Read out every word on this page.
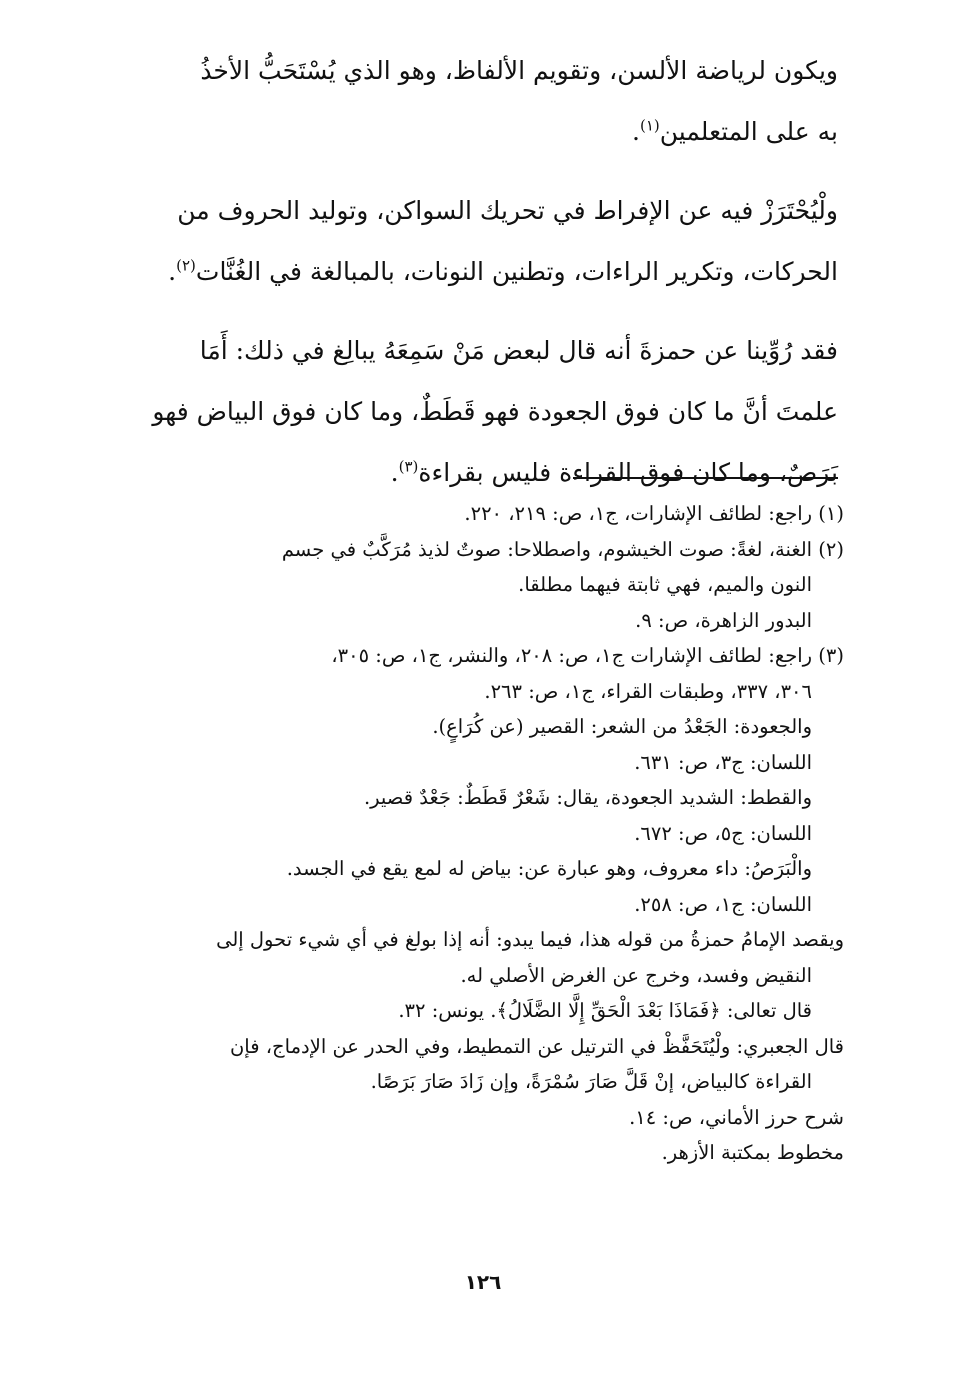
ويكون لرياضة الألسن، وتقويم الألفاظ، وهو الذي يُسْتَحَبُّ الأخذُ
به على المتعلمين$^{(١)}$.

ولْيُحْتَرَزْ فيه عن الإفراط في تحريك السواكن، وتوليد الحروف من
الحركات، وتكرير الراءات، وتطنين النونات، بالمبالغة في الغُنَّات$^{(٢)}$.

فقد رُوِّينا عن حمزةَ أنه قال لبعض مَنْ سَمِعَهُ يبالِغ في ذلك: أَمَا
علمتَ أنَّ ما كان فوق الجعودة فهو قَطَطٌ، وما كان فوق البياض فهو
بَرَصٌ، وما كان فوق القراءة فليس بقراءة$^{(٣)}$.

(١) راجع: لطائف الإشارات، ج١، ص: ٢١٩، ٢٢٠.
(٢) الغنة، لغةً: صوت الخيشوم، واصطلاحا: صوتٌ لذيذ مُرَكَّبٌ في جسم
النون والميم، فهي ثابتة فيهما مطلقا.
البدور الزاهرة، ص: ٩.
(٣) راجع: لطائف الإشارات ج١، ص: ٢٠٨، والنشر، ج١، ص: ٣٠٥،
٣٠٦، ٣٣٧، وطبقات القراء، ج١، ص: ٢٦٣.
والجعودة: الجَعْدُ من الشعر: القصير (عن كُرَاعٍ).
اللسان: ج٣، ص: ٦٣١.
والقطط: الشديد الجعودة، يقال: شَعْرٌ قَطَطٌ: جَعْدٌ قصير.
اللسان: ج٥، ص: ٦٧٢.
والْبَرَصُ: داء معروف، وهو عبارة عن: بياض له لمع يقع في الجسد.
اللسان: ج١، ص: ٢٥٨.
ويقصد الإمامُ حمزةُ من قوله هذا، فيما يبدو: أنه إذا بولغ في أي شيء تحول إلى
النقيض وفسد، وخرج عن الغرض الأصلي له.
قال تعالى: ﴿فَمَاذَا بَعْدَ الْحَقِّ إِلَّا الضَّلَالُ﴾. يونس: ٣٢.
قال الجعبري: ولْيُتَحَفَّظْ في الترتيل عن التمطيط، وفي الحدر عن الإدماج، فإن
القراءة كالبياض، إنْ قَلَّ صَارَ سُمْرَةً، وإن زَادَ صَارَ بَرَصًا.
شرح حرز الأماني، ص: ١٤.
مخطوط بمكتبة الأزهر.
١٢٦
